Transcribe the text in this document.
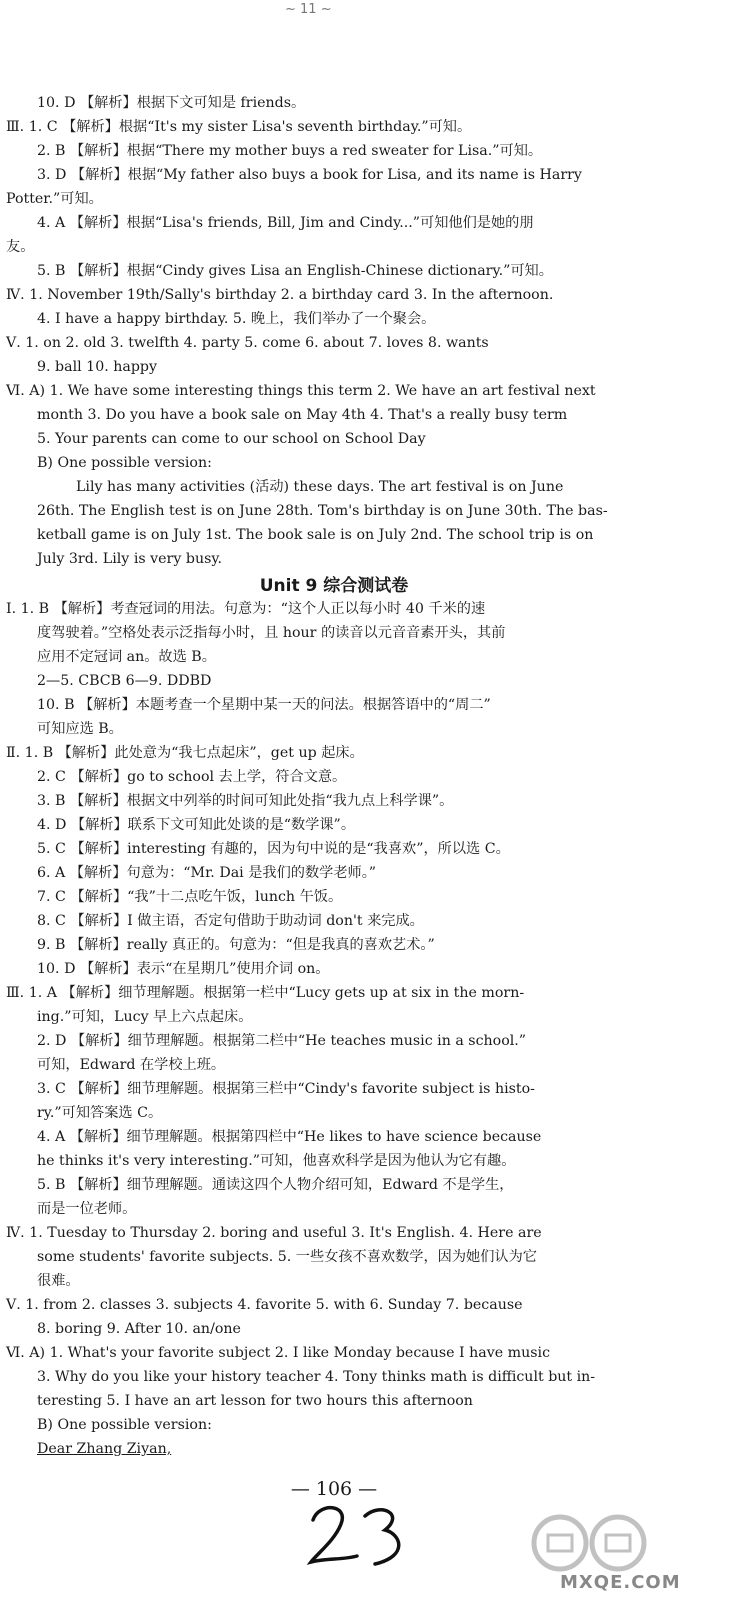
~ 11 ~
10. D 【解析】根据下文可知是 friends。
Ⅲ. 1. C 【解析】根据“It's my sister Lisa's seventh birthday.”可知。
2. B 【解析】根据“There my mother buys a red sweater for Lisa.”可知。
3. D 【解析】根据“My father also buys a book for Lisa, and its name is Harry
Potter.”可知。
4. A 【解析】根据“Lisa's friends, Bill, Jim and Cindy...”可知他们是她的朋
友。
5. B 【解析】根据“Cindy gives Lisa an English-Chinese dictionary.”可知。
Ⅳ. 1. November 19th/Sally's birthday 2. a birthday card 3. In the afternoon.
4. I have a happy birthday. 5. 晚上，我们举办了一个聚会。
Ⅴ. 1. on 2. old 3. twelfth 4. party 5. come 6. about 7. loves 8. wants
9. ball 10. happy
Ⅵ. A) 1. We have some interesting things this term 2. We have an art festival next
month 3. Do you have a book sale on May 4th 4. That's a really busy term
5. Your parents can come to our school on School Day
B) One possible version:
Lily has many activities (活动) these days. The art festival is on June
26th. The English test is on June 28th. Tom's birthday is on June 30th. The bas-
ketball game is on July 1st. The book sale is on July 2nd. The school trip is on
July 3rd. Lily is very busy.
Unit 9 综合测试卷
Ⅰ. 1. B 【解析】考查冠词的用法。句意为：“这个人正以每小时 40 千米的速
度驾驶着。”空格处表示泛指每小时，且 hour 的读音以元音音素开头，其前
应用不定冠词 an。故选 B。
2—5. CBCB 6—9. DDBD
10. B 【解析】本题考查一个星期中某一天的问法。根据答语中的“周二”
可知应选 B。
Ⅱ. 1. B 【解析】此处意为“我七点起床”，get up 起床。
2. C 【解析】go to school 去上学，符合文意。
3. B 【解析】根据文中列举的时间可知此处指“我九点上科学课”。
4. D 【解析】联系下文可知此处谈的是“数学课”。
5. C 【解析】interesting 有趣的，因为句中说的是“我喜欢”，所以选 C。
6. A 【解析】句意为：“Mr. Dai 是我们的数学老师。”
7. C 【解析】“我”十二点吃午饭，lunch 午饭。
8. C 【解析】I 做主语，否定句借助于助动词 don't 来完成。
9. B 【解析】really 真正的。句意为：“但是我真的喜欢艺术。”
10. D 【解析】表示“在星期几”使用介词 on。
Ⅲ. 1. A 【解析】细节理解题。根据第一栏中“Lucy gets up at six in the morn-
ing.”可知，Lucy 早上六点起床。
2. D 【解析】细节理解题。根据第二栏中“He teaches music in a school.”
可知，Edward 在学校上班。
3. C 【解析】细节理解题。根据第三栏中“Cindy's favorite subject is histo-
ry.”可知答案选 C。
4. A 【解析】细节理解题。根据第四栏中“He likes to have science because
he thinks it's very interesting.”可知，他喜欢科学是因为他认为它有趣。
5. B 【解析】细节理解题。通读这四个人物介绍可知，Edward 不是学生，
而是一位老师。
Ⅳ. 1. Tuesday to Thursday 2. boring and useful 3. It's English. 4. Here are
some students' favorite subjects. 5. 一些女孩不喜欢数学，因为她们认为它
很难。
Ⅴ. 1. from 2. classes 3. subjects 4. favorite 5. with 6. Sunday 7. because
8. boring 9. After 10. an/one
Ⅵ. A) 1. What's your favorite subject 2. I like Monday because I have music
3. Why do you like your history teacher 4. Tony thinks math is difficult but in-
teresting 5. I have an art lesson for two hours this afternoon
B) One possible version:
Dear Zhang Ziyan,
— 106 —
MXQE.COM
